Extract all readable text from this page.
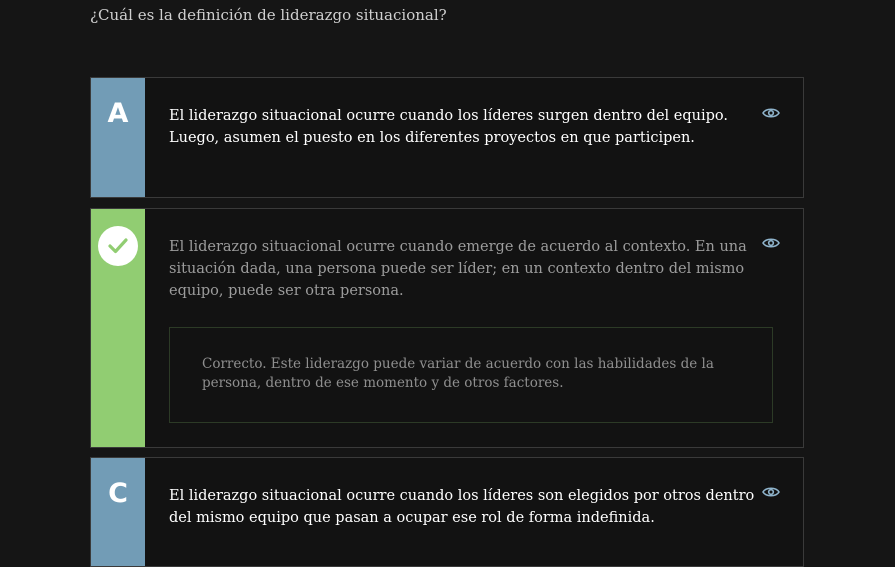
¿Cuál es la definición de liderazgo situacional?
A	El liderazgo situacional ocurre cuando los líderes surgen dentro del equipo. Luego, asumen el puesto en los diferentes proyectos en que participen.

El liderazgo situacional ocurre cuando emerge de acuerdo al contexto. En una situación dada, una persona puede ser líder; en un contexto dentro del mismo equipo, puede ser otra persona.

Correcto. Este liderazgo puede variar de acuerdo con las habilidades de la persona, dentro de ese momento y de otros factores.

C	El liderazgo situacional ocurre cuando los líderes son elegidos por otros dentro del mismo equipo que pasan a ocupar ese rol de forma indefinida.
